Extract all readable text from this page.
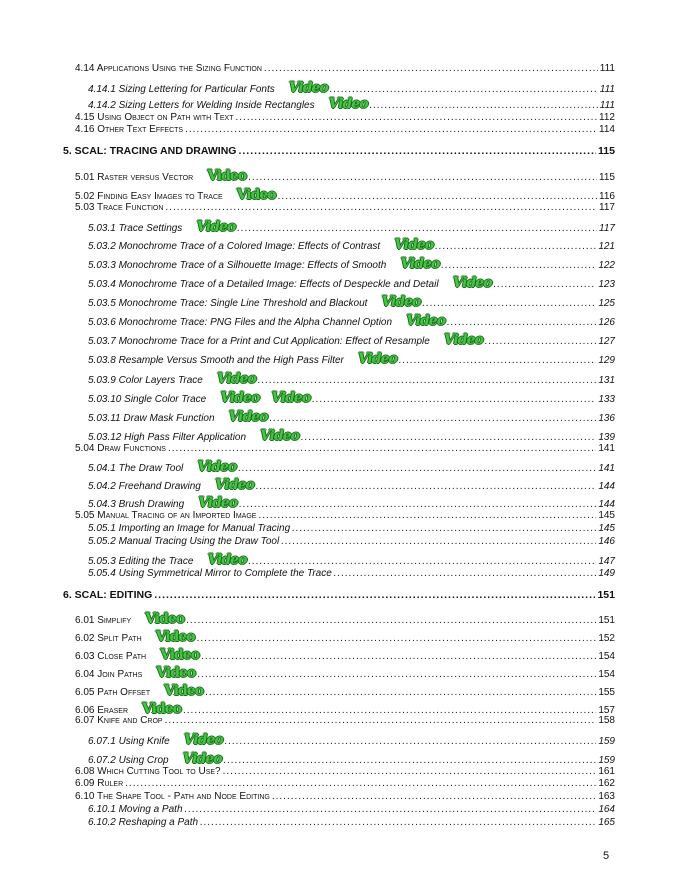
4.14 Applications Using the Sizing Function .....	111
4.14.1 Sizing Lettering for Particular Fonts Video .....	111
4.14.2 Sizing Letters for Welding Inside Rectangles Video .....	111
4.15 Using Object on Path with Text .....	112
4.16 Other Text Effects .....	114
5. SCAL: TRACING AND DRAWING .....	115
5.01 Raster versus Vector Video .....	115
5.02 Finding Easy Images to Trace Video .....	116
5.03 Trace Function .....	117
5.03.1 Trace Settings Video .....	117
5.03.2 Monochrome Trace of a Colored Image: Effects of Contrast Video .....	121
5.03.3 Monochrome Trace of a Silhouette Image: Effects of Smooth Video .....	122
5.03.4 Monochrome Trace of a Detailed Image: Effects of Despeckle and Detail Video .....	123
5.03.5 Monochrome Trace: Single Line Threshold and Blackout Video .....	125
5.03.6 Monochrome Trace: PNG Files and the Alpha Channel Option Video .....	126
5.03.7 Monochrome Trace for a Print and Cut Application: Effect of Resample Video .....	127
5.03.8 Resample Versus Smooth and the High Pass Filter Video .....	129
5.03.9 Color Layers Trace Video .....	131
5.03.10 Single Color Trace Video Video .....	133
5.03.11 Draw Mask Function Video .....	136
5.03.12 High Pass Filter Application Video .....	139
5.04 Draw Functions .....	141
5.04.1 The Draw Tool Video .....	141
5.04.2 Freehand Drawing Video .....	144
5.04.3 Brush Drawing Video .....	144
5.05 Manual Tracing of an Imported Image .....	145
5.05.1 Importing an Image for Manual Tracing .....	145
5.05.2 Manual Tracing Using the Draw Tool .....	146
5.05.3 Editing the Trace Video .....	147
5.05.4 Using Symmetrical Mirror to Complete the Trace .....	149
6. SCAL: EDITING .....	151
6.01 Simplify Video .....	151
6.02 Split Path Video .....	152
6.03 Close Path Video .....	154
6.04 Join Paths Video .....	154
6.05 Path Offset Video .....	155
6.06 Eraser Video .....	157
6.07 Knife and Crop .....	158
6.07.1 Using Knife Video .....	159
6.07.2 Using Crop Video .....	159
6.08 Which Cutting Tool to Use? .....	161
6.09 Ruler .....	162
6.10 The Shape Tool - Path and Node Editing .....	163
6.10.1 Moving a Path .....	164
6.10.2 Reshaping a Path .....	165
5
